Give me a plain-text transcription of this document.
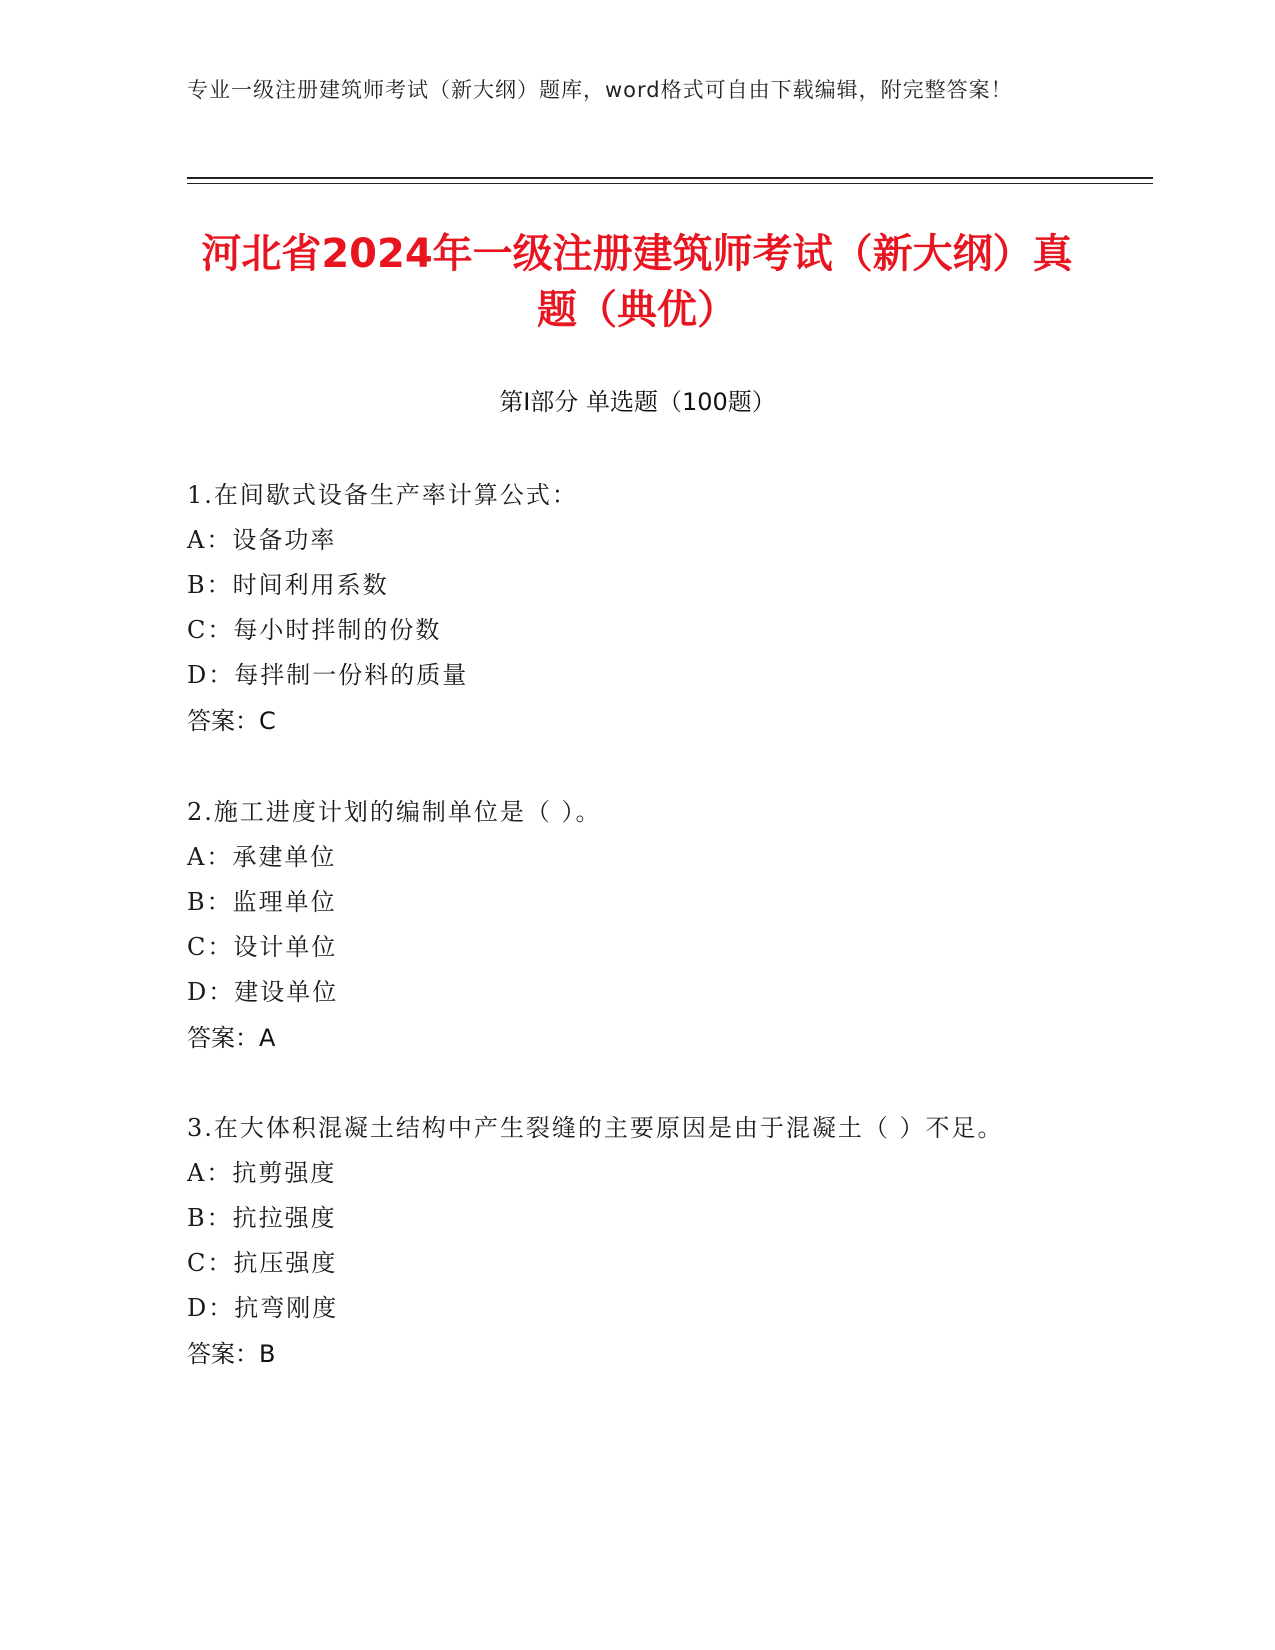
专业一级注册建筑师考试（新大纲）题库，word格式可自由下载编辑，附完整答案！
河北省2024年一级注册建筑师考试（新大纲）真题（典优）
第I部分 单选题（100题）
1.在间歇式设备生产率计算公式：
A：设备功率
B：时间利用系数
C：每小时拌制的份数
D：每拌制一份料的质量
答案：C
2.施工进度计划的编制单位是（ ）。
A：承建单位
B：监理单位
C：设计单位
D：建设单位
答案：A
3.在大体积混凝土结构中产生裂缝的主要原因是由于混凝土（ ）不足。
A：抗剪强度
B：抗拉强度
C：抗压强度
D：抗弯刚度
答案：B
